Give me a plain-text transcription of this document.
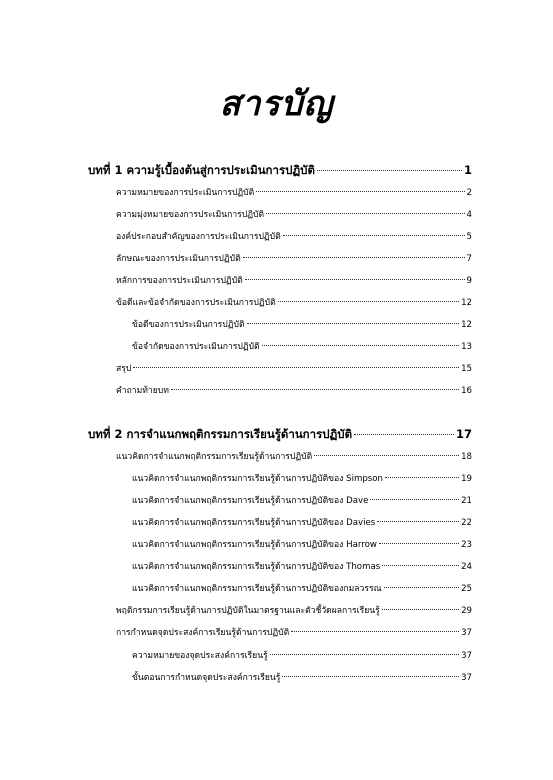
สารบัญ
บทที่ 1 ความรู้เบื้องต้นสู่การประเมินการปฏิบัติ	1
ความหมายของการประเมินการปฏิบัติ	2
ความมุ่งหมายของการประเมินการปฏิบัติ	4
องค์ประกอบสำคัญของการประเมินการปฏิบัติ	5
ลักษณะของการประเมินการปฏิบัติ	7
หลักการของการประเมินการปฏิบัติ	9
ข้อดีและข้อจำกัดของการประเมินการปฏิบัติ	12
ข้อดีของการประเมินการปฏิบัติ	12
ข้อจำกัดของการประเมินการปฏิบัติ	13
สรุป	15
คำถามท้ายบท	16
บทที่ 2 การจำแนกพฤติกรรมการเรียนรู้ด้านการปฏิบัติ	17
แนวคิดการจำแนกพฤติกรรมการเรียนรู้ด้านการปฏิบัติ	18
แนวคิดการจำแนกพฤติกรรมการเรียนรู้ด้านการปฏิบัติของ Simpson	19
แนวคิดการจำแนกพฤติกรรมการเรียนรู้ด้านการปฏิบัติของ Dave	21
แนวคิดการจำแนกพฤติกรรมการเรียนรู้ด้านการปฏิบัติของ Davies	22
แนวคิดการจำแนกพฤติกรรมการเรียนรู้ด้านการปฏิบัติของ Harrow	23
แนวคิดการจำแนกพฤติกรรมการเรียนรู้ด้านการปฏิบัติของ Thomas	24
แนวคิดการจำแนกพฤติกรรมการเรียนรู้ด้านการปฏิบัติของกมลวรรณ	25
พฤติกรรมการเรียนรู้ด้านการปฏิบัติในมาตรฐานและตัวชี้วัดผลการเรียนรู้	29
การกำหนดจุดประสงค์การเรียนรู้ด้านการปฏิบัติ	37
ความหมายของจุดประสงค์การเรียนรู้	37
ขั้นตอนการกำหนดจุดประสงค์การเรียนรู้	37
